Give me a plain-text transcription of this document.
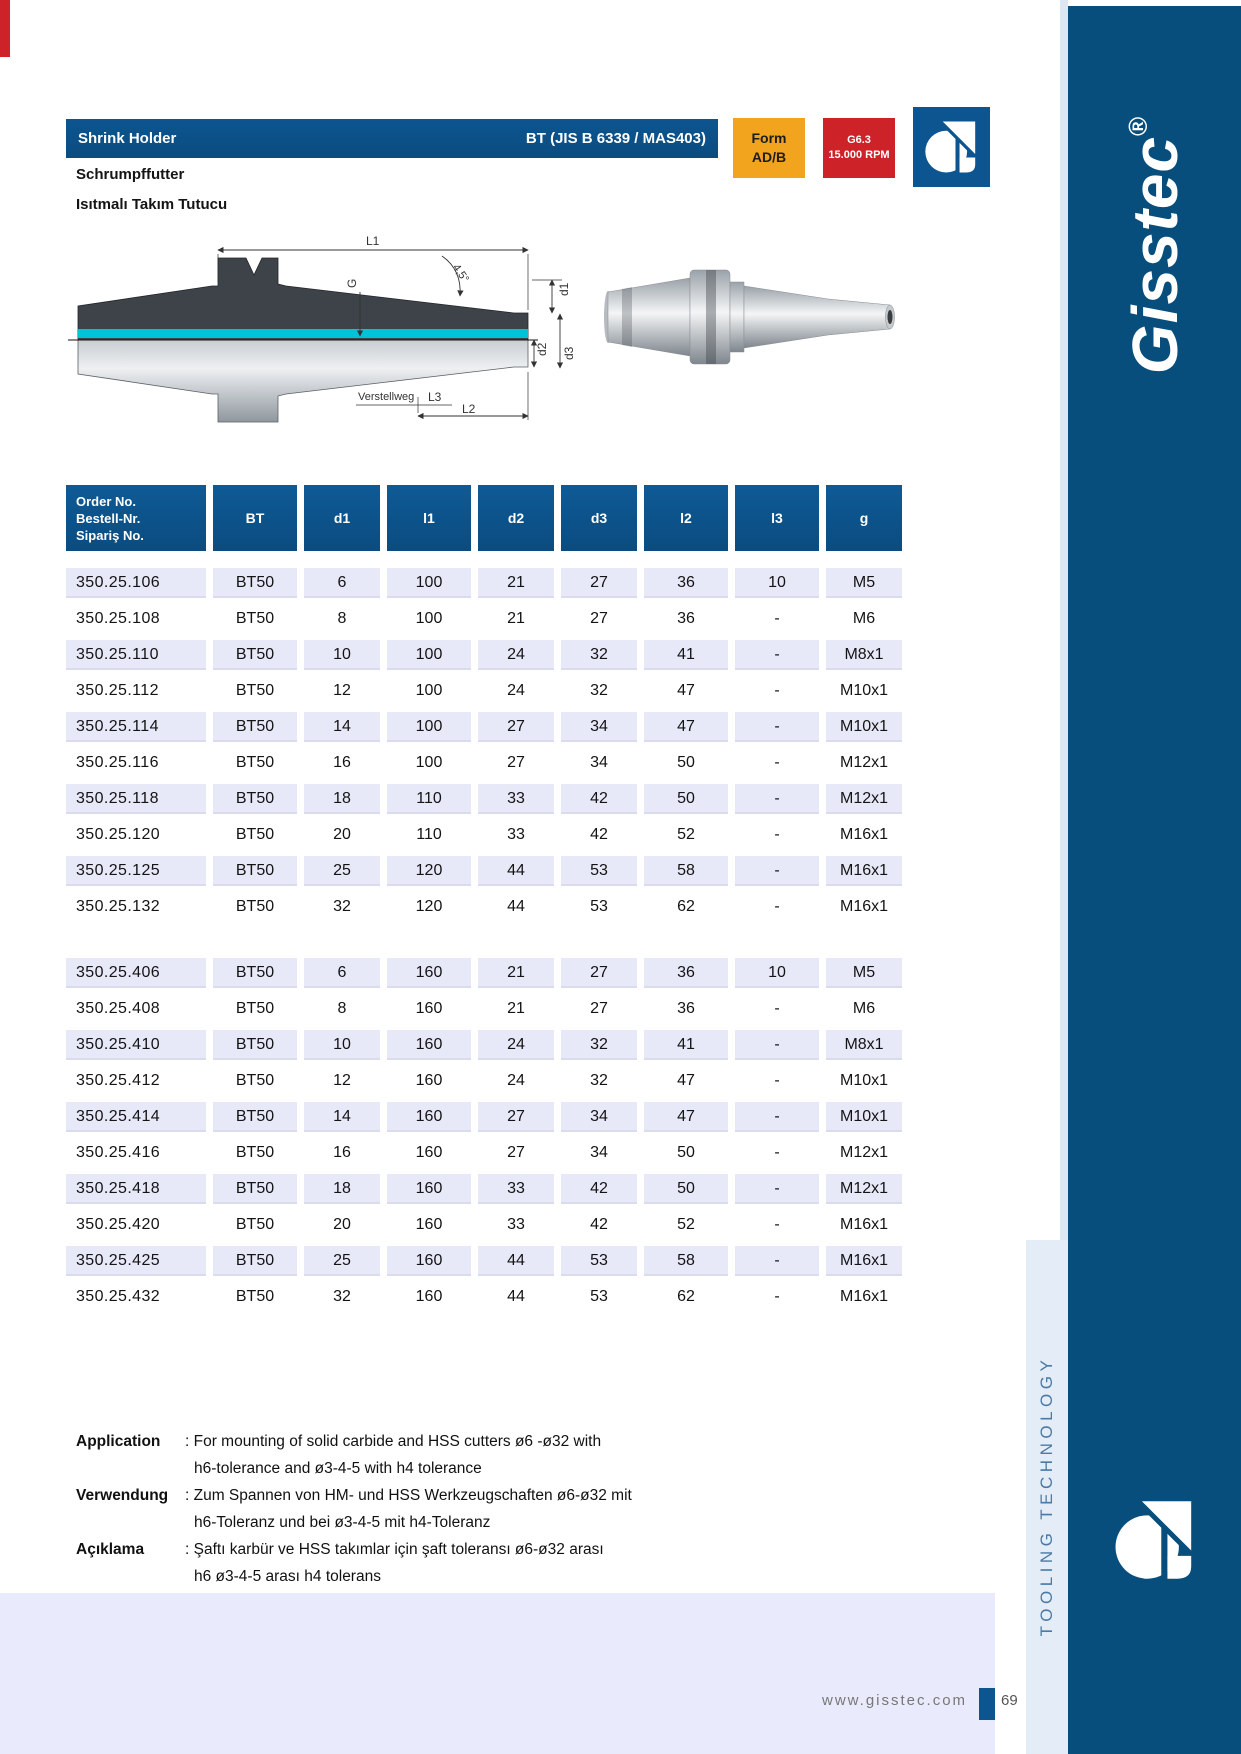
Shrink Holder	BT (JIS B 6339 / MAS403)
Schrumpffutter
Isıtmalı Takım Tutucu
Form
AD/B
G6.3
15.000 RPM
L1
G	4,5°
d1
d2 d3
Verstellweg L3
L2
Order No.
Bestell-Nr.
Sipariş No.
BT	d1	l1	d2	d3	l2	l3	g
350.25.106	BT50	6	100	21	27	36	10	M5
350.25.108	BT50	8	100	21	27	36	-	M6
350.25.110	BT50	10	100	24	32	41	-	M8x1
350.25.112	BT50	12	100	24	32	47	-	M10x1
350.25.114	BT50	14	100	27	34	47	-	M10x1
350.25.116	BT50	16	100	27	34	50	-	M12x1
350.25.118	BT50	18	110	33	42	50	-	M12x1
350.25.120	BT50	20	110	33	42	52	-	M16x1
350.25.125	BT50	25	120	44	53	58	-	M16x1
350.25.132	BT50	32	120	44	53	62	-	M16x1
350.25.406	BT50	6	160	21	27	36	10	M5
350.25.408	BT50	8	160	21	27	36	-	M6
350.25.410	BT50	10	160	24	32	41	-	M8x1
350.25.412	BT50	12	160	24	32	47	-	M10x1
350.25.414	BT50	14	160	27	34	47	-	M10x1
350.25.416	BT50	16	160	27	34	50	-	M12x1
350.25.418	BT50	18	160	33	42	50	-	M12x1
350.25.420	BT50	20	160	33	42	52	-	M16x1
350.25.425	BT50	25	160	44	53	58	-	M16x1
350.25.432	BT50	32	160	44	53	62	-	M16x1
Application	: For mounting of solid carbide and HSS cutters ø6 -ø32 with
h6-tolerance and ø3-4-5 with h4 tolerance
Verwendung	: Zum Spannen von HM- und HSS Werkzeugschaften ø6-ø32 mit
h6-Toleranz und bei ø3-4-5 mit h4-Toleranz
Açıklama	: Şaftı karbür ve HSS takımlar için şaft toleransı ø6-ø32 arası
h6 ø3-4-5 arası h4 tolerans	TOOLING TECHNOLOGY
Gisstec®
www.gisstec.com 69
